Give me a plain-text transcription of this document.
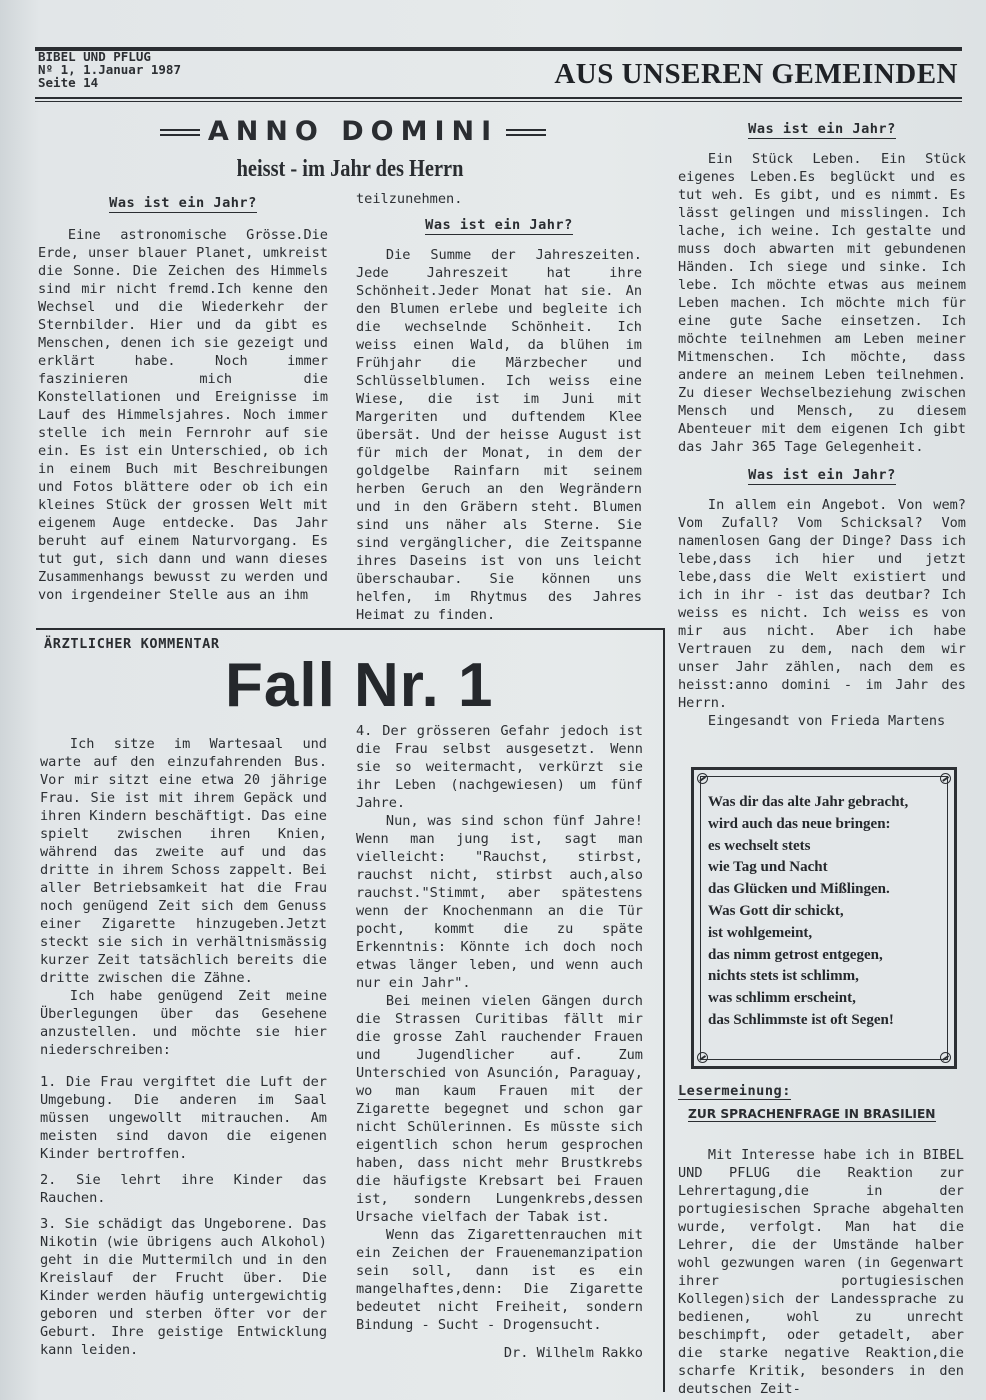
BIBEL UND PFLUG
Nº 1, 1.Januar 1987
Seite 14	AUS UNSEREN GEMEINDEN
ANNO DOMINI
heisst - im Jahr des Herrn

Was ist ein Jahr?

Eine astronomische Grösse.Die Erde, unser blauer Planet, umkreist die Sonne. Die Zeichen des Himmels sind mir nicht fremd.Ich kenne den Wechsel und die Wiederkehr der Sternbilder. Hier und da gibt es Menschen, denen ich sie gezeigt und erklärt habe. Noch immer faszinieren mich die Konstellationen und Ereignisse im Lauf des Himmelsjahres. Noch immer stelle ich mein Fernrohr auf sie ein. Es ist ein Unterschied, ob ich in einem Buch mit Beschreibungen und Fotos blättere oder ob ich ein kleines Stück der grossen Welt mit eigenem Auge entdecke. Das Jahr beruht auf einem Naturvorgang. Es tut gut, sich dann und wann dieses Zusammenhangs bewusst zu werden und von irgendeiner Stelle aus an ihm

teilzunehmen.

Was ist ein Jahr?

Die Summe der Jahreszeiten. Jede Jahreszeit hat ihre Schönheit.Jeder Monat hat sie. An den Blumen erlebe und begleite ich die wechselnde Schönheit. Ich weiss einen Wald, da blühen im Frühjahr die Märzbecher und Schlüsselblumen. Ich weiss eine Wiese, die ist im Juni mit Margeriten und duftendem Klee übersät. Und der heisse August ist für mich der Monat, in dem der goldgelbe Rainfarn mit seinem herben Geruch an den Wegrändern und in den Gräbern steht. Blumen sind uns näher als Sterne. Sie sind vergänglicher, die Zeitspanne ihres Daseins ist von uns leicht überschaubar. Sie können uns helfen, im Rhytmus des Jahres Heimat zu finden.

Was ist ein Jahr?

Ein Stück Leben. Ein Stück eigenes Leben.Es beglückt und es tut weh. Es gibt, und es nimmt. Es lässt gelingen und misslingen. Ich lache, ich weine. Ich gestalte und muss doch abwarten mit gebundenen Händen. Ich siege und sinke. Ich lebe. Ich möchte etwas aus meinem Leben machen. Ich möchte mich für eine gute Sache einsetzen. Ich möchte teilnehmen am Leben meiner Mitmenschen. Ich möchte, dass andere an meinem Leben teilnehmen. Zu dieser Wechselbeziehung zwischen Mensch und Mensch, zu diesem Abenteuer mit dem eigenen Ich gibt das Jahr 365 Tage Gelegenheit.

Was ist ein Jahr?

In allem ein Angebot. Von wem? Vom Zufall? Vom Schicksal? Vom namenlosen Gang der Dinge? Dass ich lebe,dass ich hier und jetzt lebe,dass die Welt existiert und ich in ihr - ist das deutbar? Ich weiss es nicht. Ich weiss es von mir aus nicht. Aber ich habe Vertrauen zu dem, nach dem wir unser Jahr zählen, nach dem es heisst:anno domini - im Jahr des Herrn.

Eingesandt von Frieda Martens

ÄRZTLICHER KOMMENTAR
Fall Nr. 1

Ich sitze im Wartesaal und warte auf den einzufahrenden Bus. Vor mir sitzt eine etwa 20 jährige Frau. Sie ist mit ihrem Gepäck und ihren Kindern beschäftigt. Das eine spielt zwischen ihren Knien, während das zweite auf und das dritte in ihrem Schoss zappelt. Bei aller Betriebsamkeit hat die Frau noch genügend Zeit sich dem Genuss einer Zigarette hinzugeben.Jetzt steckt sie sich in verhältnismässig kurzer Zeit tatsächlich bereits die dritte zwischen die Zähne.

Ich habe genügend Zeit meine Überlegungen über das Gesehene anzustellen. und möchte sie hier niederschreiben:

1. Die Frau vergiftet die Luft der Umgebung. Die anderen im Saal müssen ungewollt mitrauchen. Am meisten sind davon die eigenen Kinder bertroffen.

2. Sie lehrt ihre Kinder das Rauchen.

3. Sie schädigt das Ungeborene. Das Nikotin (wie übrigens auch Alkohol) geht in die Muttermilch und in den Kreislauf der Frucht über. Die Kinder werden häufig untergewichtig geboren und sterben öfter vor der Geburt. Ihre geistige Entwicklung kann leiden.

4. Der grösseren Gefahr jedoch ist die Frau selbst ausgesetzt. Wenn sie so weitermacht, verkürzt sie ihr Leben (nachgewiesen) um fünf Jahre.

Nun, was sind schon fünf Jahre! Wenn man jung ist, sagt man vielleicht: "Rauchst, stirbst, rauchst nicht, stirbst auch,also rauchst."Stimmt, aber spätestens wenn der Knochenmann an die Tür pocht, kommt die zu späte Erkenntnis: Könnte ich doch noch etwas länger leben, und wenn auch nur ein Jahr".

Bei meinen vielen Gängen durch die Strassen Curitibas fällt mir die grosse Zahl rauchender Frauen und Jugendlicher auf. Zum Unterschied von Asunción, Paraguay, wo man kaum Frauen mit der Zigarette begegnet und schon gar nicht Schülerinnen. Es müsste sich eigentlich schon herum gesprochen haben, dass nicht mehr Brustkrebs die häufigste Krebsart bei Frauen ist, sondern Lungenkrebs,dessen Ursache vielfach der Tabak ist.

Wenn das Zigarettenrauchen mit ein Zeichen der Frauenemanzipation sein soll, dann ist es ein mangelhaftes,denn: Die Zigarette bedeutet nicht Freiheit, sondern Bindung - Sucht - Drogensucht.

Dr. Wilhelm Rakko

Was dir das alte Jahr gebracht,
wird auch das neue bringen:
es wechselt stets
wie Tag und Nacht
das Glücken und Mißlingen.
Was Gott dir schickt,
ist wohlgemeint,
das nimm getrost entgegen,
nichts stets ist schlimm,
was schlimm erscheint,
das Schlimmste ist oft Segen!
Lesermeinung:
ZUR SPRACHENFRAGE IN BRASILIEN

Mit Interesse habe ich in BIBEL UND PFLUG die Reaktion zur Lehrertagung,die in der portugiesischen Sprache abgehalten wurde, verfolgt. Man hat die Lehrer, die der Umstände halber wohl gezwungen waren (in Gegenwart ihrer portugiesischen Kollegen)sich der Landessprache zu bedienen, wohl zu unrecht beschimpft, oder getadelt, aber die starke negative Reaktion,die scharfe Kritik, besonders in den deutschen Zeit-
